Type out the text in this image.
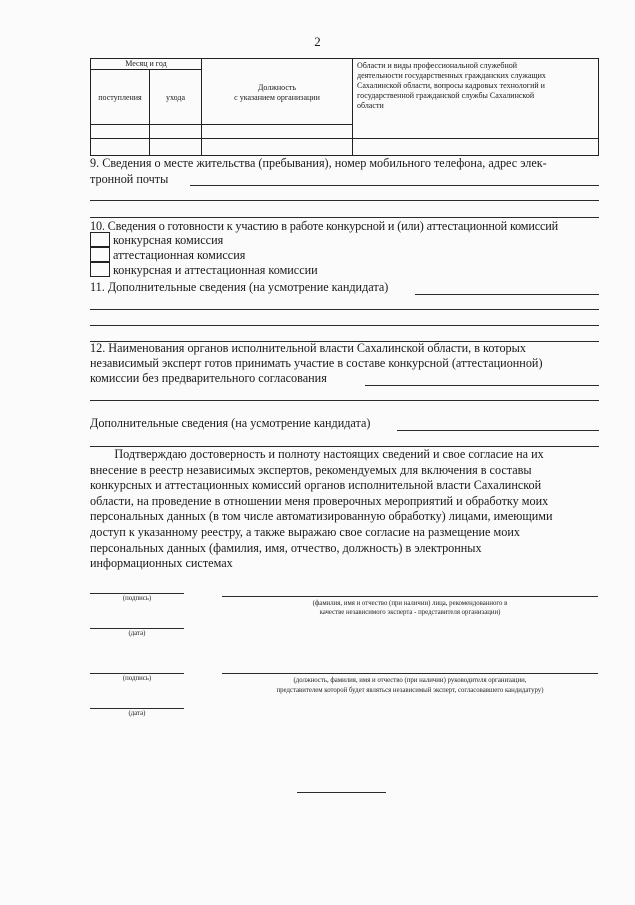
2
Месяц и год
поступления	ухода
Должность
с указанием организации
Области и виды профессиональной служебной
деятельности государственных гражданских служащих
Сахалинской области, вопросы кадровых технологий и
государственной гражданской службы Сахалинской
области
9. Сведения о месте жительства (пребывания), номер мобильного телефона, адрес элек-
тронной почты
10. Сведения о готовности к участию в работе конкурсной и (или) аттестационной комиссий
конкурсная комиссия
аттестационная комиссия
конкурсная и аттестационная комиссии
11. Дополнительные сведения (на усмотрение кандидата)
12. Наименования органов исполнительной власти Сахалинской области, в которых
независимый эксперт готов принимать участие в составе конкурсной (аттестационной)
комиссии без предварительного согласования
Дополнительные сведения (на усмотрение кандидата)
Подтверждаю достоверность и полноту настоящих сведений и свое согласие на их
внесение в реестр независимых экспертов, рекомендуемых для включения в составы
конкурсных и аттестационных комиссий органов исполнительной власти Сахалинской
области, на проведение в отношении меня проверочных мероприятий и обработку моих
персональных данных (в том числе автоматизированную обработку) лицами, имеющими
доступ к указанному реестру, а также выражаю свое согласие на размещение моих
персональных данных (фамилия, имя, отчество, должность) в электронных
информационных системах
(подпись)
(фамилия, имя и отчество (при наличии) лица, рекомендованного в
качестве независимого эксперта - представителя организации)
(дата)
(подпись)	(должность, фамилия, имя и отчество (при наличии) руководителя организации,
представителем которой будет являться независимый эксперт, согласовавшего кандидатуру)
(дата)
